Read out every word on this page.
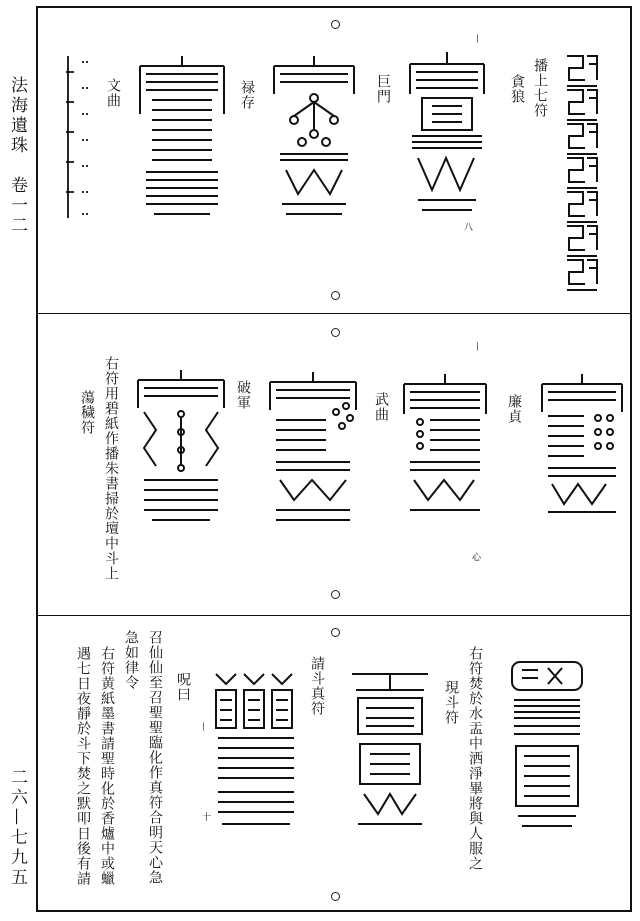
法海遺珠　卷一二
二六—七九五
播上七符
貪狼
—
八
巨門
禄存
文曲
—
心
廉貞
武曲
破軍
右符用碧紙作播朱書掃於壇中斗上
蕩穢符
右符焚於水盂中洒淨畢將與人服之
現斗符
請斗真符
—
十
呪曰
召仙仙至召聖聖臨化作真符合明天心急
急如律令
右符黄紙墨書請聖時化於香爐中或蠟
遇七日夜靜於斗下焚之默叩日後有請
